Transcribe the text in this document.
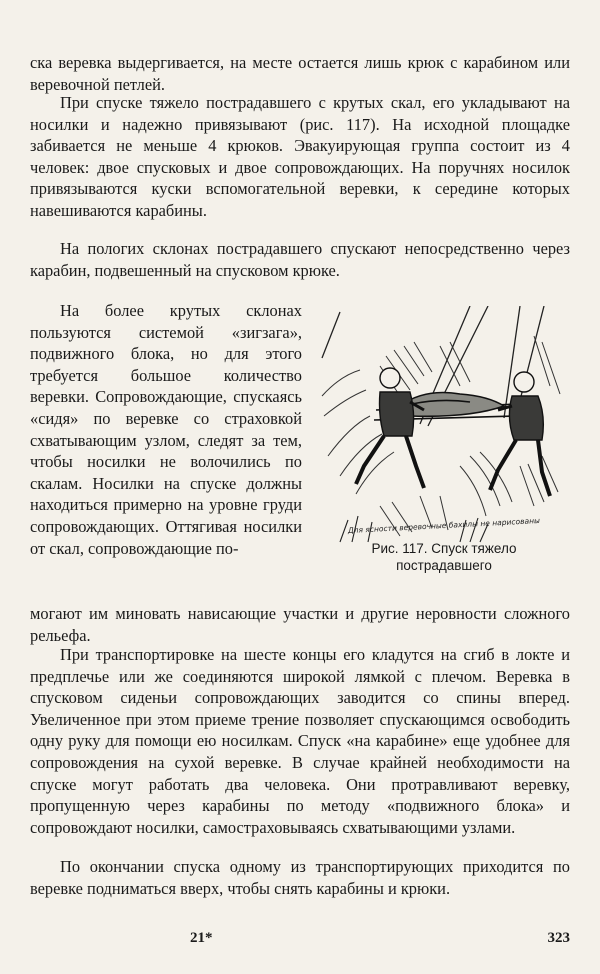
ска веревка выдергивается, на месте остается лишь крюк с карабином или веревочной петлей.

При спуске тяжело пострадавшего с крутых скал, его укладывают на носилки и надежно привязывают (рис. 117). На исходной площадке забивается не меньше 4 крюков. Эвакуирующая группа состоит из 4 человек: двое спусковых и двое сопровождающих. На поручнях носилок привязываются куски вспомогательной веревки, к середине которых навешиваются карабины.

На пологих склонах пострадавшего спускают непосредственно через карабин, подвешенный на спусковом крюке.

На более крутых склонах пользуются системой «зигзага», подвижного блока, но для этого требуется большое количество веревки. Сопровождающие, спускаясь «сидя» по веревке со страховкой схватывающим узлом, следят за тем, чтобы носилки не волочились по скалам. Носилки на спуске должны находиться примерно на уровне груди сопровождающих. Оттягивая носилки от скал, сопровождающие по-

Для ясности веревочные бахилы не нарисованы
Рис. 117. Спуск тяжело пострадавшего

могают им миновать нависающие участки и другие неровности сложного рельефа.

При транспортировке на шесте концы его кладутся на сгиб в локте и предплечье или же соединяются широкой лямкой с плечом. Веревка в спусковом сиденьи сопровождающих заводится со спины вперед. Увеличенное при этом приеме трение позволяет спускающимся освободить одну руку для помощи ею носилкам. Спуск «на карабине» еще удобнее для сопровождения на сухой веревке. В случае крайней необходимости на спуске могут работать два человека. Они протравливают веревку, пропущенную через карабины по методу «подвижного блока» и сопровождают носилки, самостраховываясь схватывающими узлами.

По окончании спуска одному из транспортирующих приходится по веревке подниматься вверх, чтобы снять карабины и крюки.

21*	323
